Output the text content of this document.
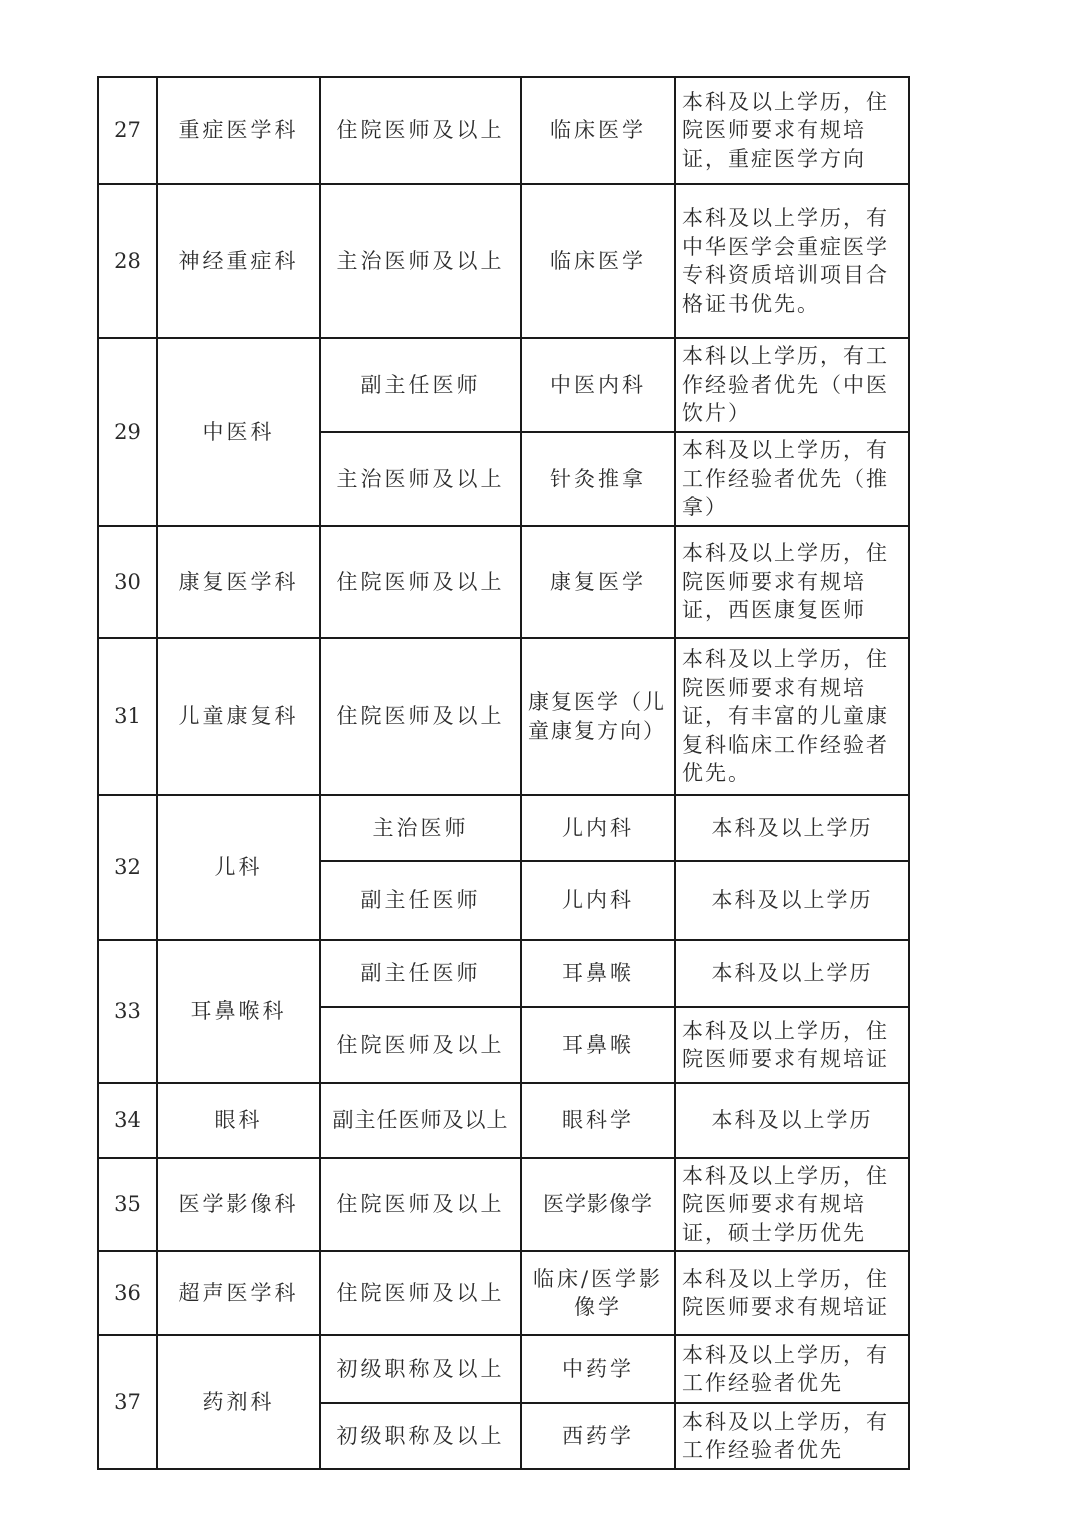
27	重症医学科	住院医师及以上	临床医学	本科及以上学历，住院医师要求有规培证，重症医学方向
28	神经重症科	主治医师及以上	临床医学	本科及以上学历，有中华医学会重症医学专科资质培训项目合格证书优先。
29	中医科	副主任医师	中医内科	本科以上学历，有工作经验者优先（中医饮片）
		主治医师及以上	针灸推拿	本科及以上学历，有工作经验者优先（推拿）
30	康复医学科	住院医师及以上	康复医学	本科及以上学历，住院医师要求有规培证，西医康复医师
31	儿童康复科	住院医师及以上	康复医学（儿童康复方向）	本科及以上学历，住院医师要求有规培证，有丰富的儿童康复科临床工作经验者优先。
32	儿科	主治医师	儿内科	本科及以上学历
		副主任医师	儿内科	本科及以上学历
33	耳鼻喉科	副主任医师	耳鼻喉	本科及以上学历
		住院医师及以上	耳鼻喉	本科及以上学历，住院医师要求有规培证
34	眼科	副主任医师及以上	眼科学	本科及以上学历
35	医学影像科	住院医师及以上	医学影像学	本科及以上学历，住院医师要求有规培证，硕士学历优先
36	超声医学科	住院医师及以上	临床/医学影像学	本科及以上学历，住院医师要求有规培证
37	药剂科	初级职称及以上	中药学	本科及以上学历，有工作经验者优先
		初级职称及以上	西药学	本科及以上学历，有工作经验者优先
